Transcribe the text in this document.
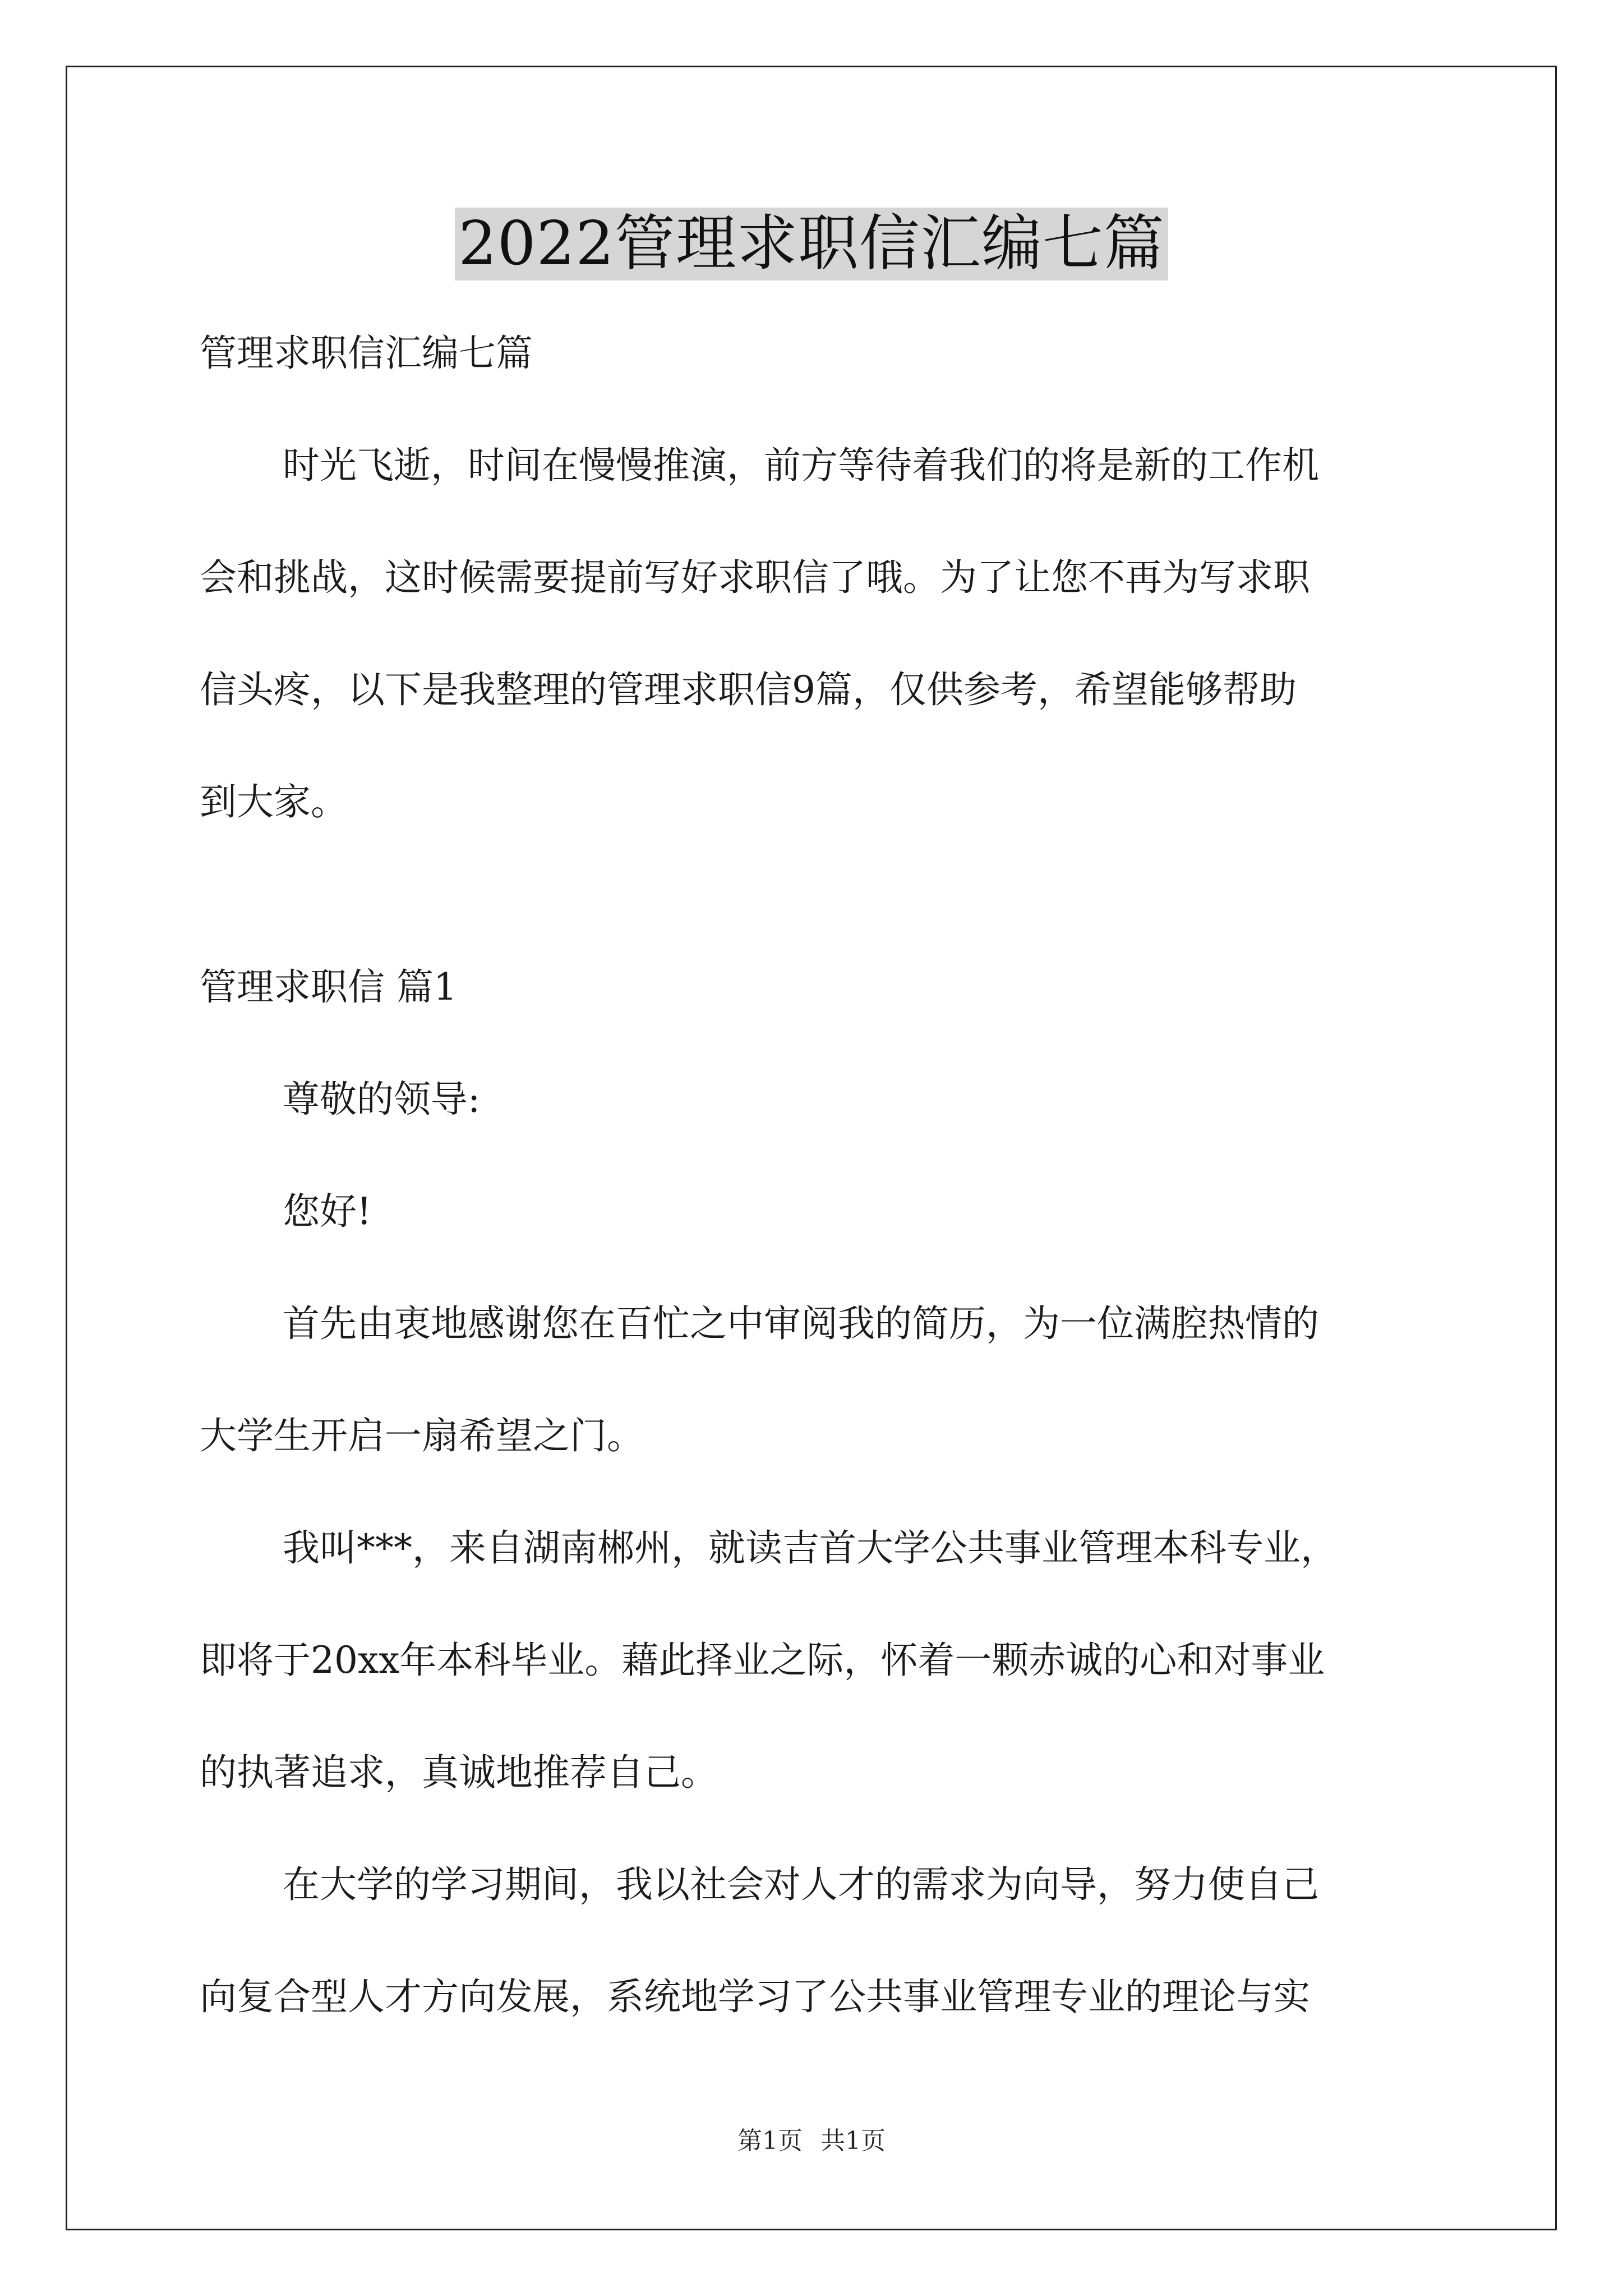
2022管理求职信汇编七篇
管理求职信汇编七篇
时光飞逝，时间在慢慢推演，前方等待着我们的将是新的工作机
会和挑战，这时候需要提前写好求职信了哦。为了让您不再为写求职
信头疼，以下是我整理的管理求职信9篇，仅供参考，希望能够帮助
到大家。
管理求职信 篇1
尊敬的领导:
您好!
首先由衷地感谢您在百忙之中审阅我的简历，为一位满腔热情的
大学生开启一扇希望之门。
我叫***，来自湖南郴州，就读吉首大学公共事业管理本科专业，
即将于20xx年本科毕业。藉此择业之际，怀着一颗赤诚的心和对事业
的执著追求，真诚地推荐自己。
在大学的学习期间，我以社会对人才的需求为向导，努力使自己
向复合型人才方向发展，系统地学习了公共事业管理专业的理论与实
第1页 共1页
